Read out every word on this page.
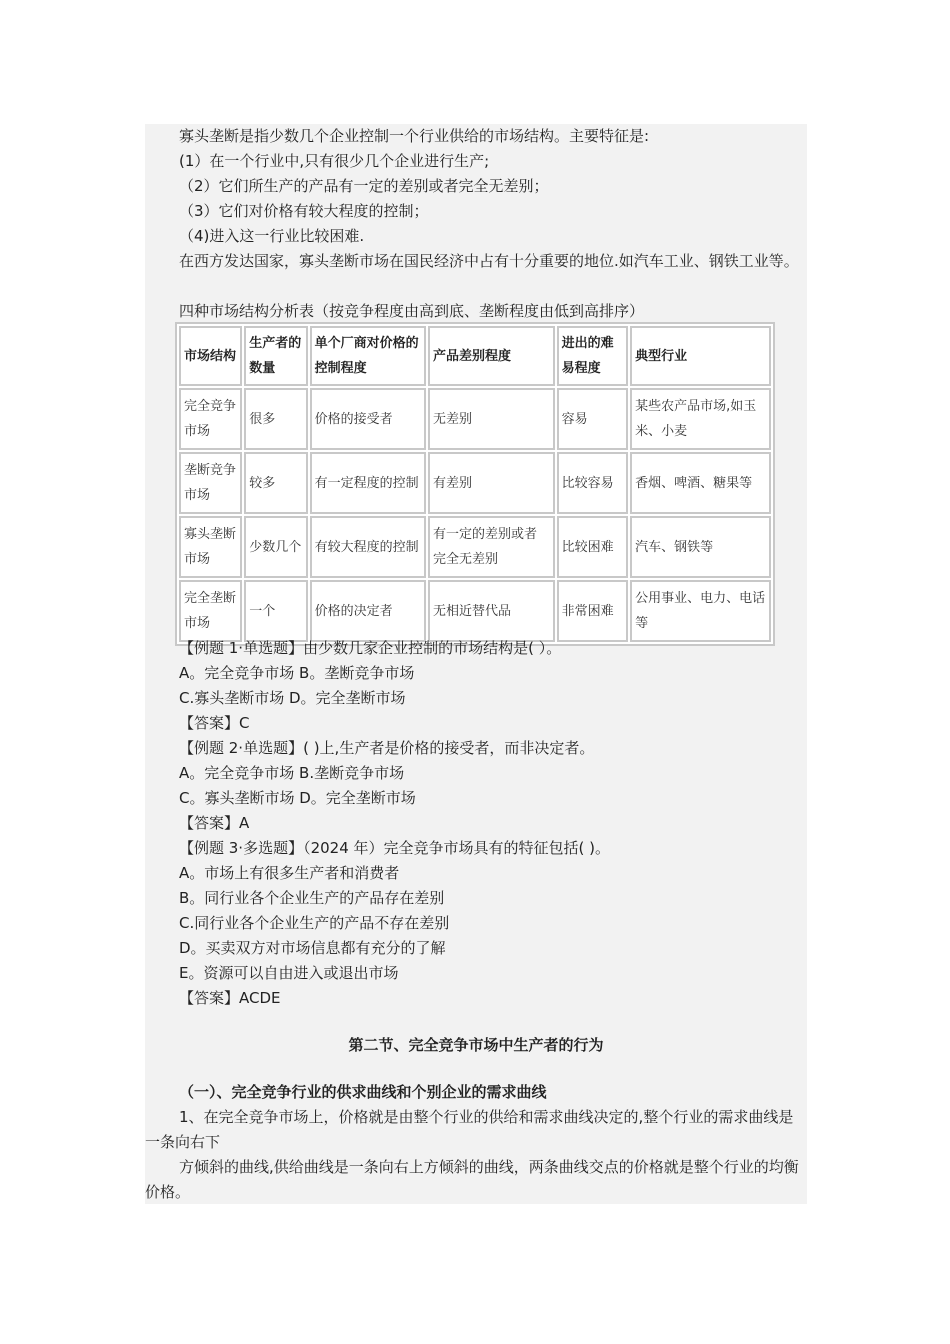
寡头垄断是指少数几个企业控制一个行业供给的市场结构。主要特征是:
(1）在一个行业中,只有很少几个企业进行生产;
（2）它们所生产的产品有一定的差别或者完全无差别；
（3）它们对价格有较大程度的控制；
（4)进入这一行业比较困难.
在西方发达国家，寡头垄断市场在国民经济中占有十分重要的地位.如汽车工业、钢铁工业等。
四种市场结构分析表（按竞争程度由高到底、垄断程度由低到高排序）
市场结构	生产者的数量	单个厂商对价格的控制程度	产品差别程度	进出的难易程度	典型行业
完全竞争市场	很多	价格的接受者	无差别	容易	某些农产品市场,如玉米、小麦
垄断竞争市场	较多	有一定程度的控制	有差别	比较容易	香烟、啤酒、糖果等
寡头垄断市场	少数几个	有较大程度的控制	有一定的差别或者完全无差别	比较困难	汽车、钢铁等
完全垄断市场	一个	价格的决定者	无相近替代品	非常困难	公用事业、电力、电话等
【例题 1·单选题】由少数几家企业控制的市场结构是( ）。
A。完全竞争市场 B。垄断竞争市场
C.寡头垄断市场 D。完全垄断市场
【答案】C
【例题 2·单选题】( )上,生产者是价格的接受者，而非决定者。
A。完全竞争市场 B.垄断竞争市场
C。寡头垄断市场 D。完全垄断市场
【答案】A
【例题 3·多选题】（2024 年）完全竞争市场具有的特征包括( )。
A。市场上有很多生产者和消费者
B。同行业各个企业生产的产品存在差别
C.同行业各个企业生产的产品不存在差别
D。买卖双方对市场信息都有充分的了解
E。资源可以自由进入或退出市场
【答案】ACDE
第二节、完全竞争市场中生产者的行为
（一）、完全竞争行业的供求曲线和个别企业的需求曲线
1、在完全竞争市场上，价格就是由整个行业的供给和需求曲线决定的,整个行业的需求曲线是一条向右下
方倾斜的曲线,供给曲线是一条向右上方倾斜的曲线，两条曲线交点的价格就是整个行业的均衡价格。
